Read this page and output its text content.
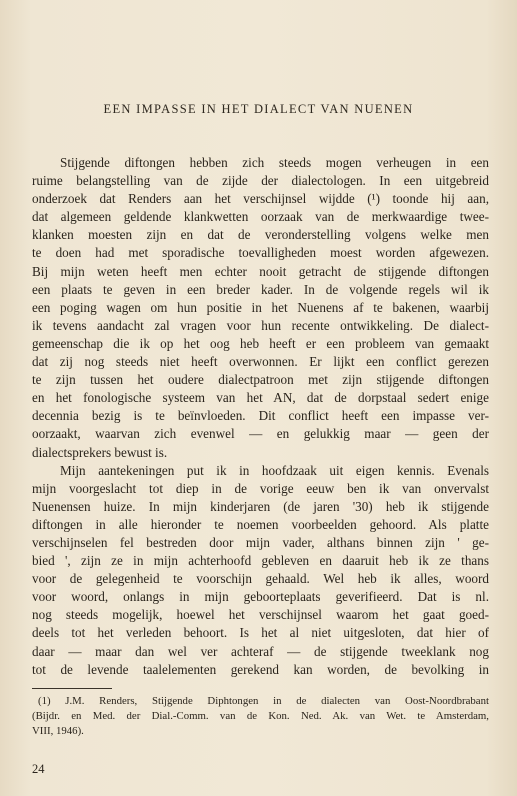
EEN IMPASSE IN HET DIALECT VAN NUENEN
Stijgende diftongen hebben zich steeds mogen verheugen in een
ruime belangstelling van de zijde der dialectologen. In een uitgebreid
onderzoek dat Renders aan het verschijnsel wijdde (¹) toonde hij aan,
dat algemeen geldende klankwetten oorzaak van de merkwaardige twee-
klanken moesten zijn en dat de veronderstelling volgens welke men
te doen had met sporadische toevalligheden moest worden afgewezen.
Bij mijn weten heeft men echter nooit getracht de stijgende diftongen
een plaats te geven in een breder kader. In de volgende regels wil ik
een poging wagen om hun positie in het Nuenens af te bakenen, waarbij
ik tevens aandacht zal vragen voor hun recente ontwikkeling. De dialect-
gemeenschap die ik op het oog heb heeft er een probleem van gemaakt
dat zij nog steeds niet heeft overwonnen. Er lijkt een conflict gerezen
te zijn tussen het oudere dialectpatroon met zijn stijgende diftongen
en het fonologische systeem van het AN, dat de dorpstaal sedert enige
decennia bezig is te beïnvloeden. Dit conflict heeft een impasse ver-
oorzaakt, waarvan zich evenwel — en gelukkig maar — geen der
dialectsprekers bewust is.
Mijn aantekeningen put ik in hoofdzaak uit eigen kennis. Evenals
mijn voorgeslacht tot diep in de vorige eeuw ben ik van onvervalst
Nuenensen huize. In mijn kinderjaren (de jaren '30) heb ik stijgende
diftongen in alle hieronder te noemen voorbeelden gehoord. Als platte
verschijnselen fel bestreden door mijn vader, althans binnen zijn ' ge-
bied ', zijn ze in mijn achterhoofd gebleven en daaruit heb ik ze thans
voor de gelegenheid te voorschijn gehaald. Wel heb ik alles, woord
voor woord, onlangs in mijn geboorteplaats geverifieerd. Dat is nl.
nog steeds mogelijk, hoewel het verschijnsel waarom het gaat goed-
deels tot het verleden behoort. Is het al niet uitgesloten, dat hier of
daar — maar dan wel ver achteraf — de stijgende tweeklank nog
tot de levende taalelementen gerekend kan worden, de bevolking in
(1) J.M. Renders, Stijgende Diphtongen in de dialecten van Oost-Noordbrabant
(Bijdr. en Med. der Dial.-Comm. van de Kon. Ned. Ak. van Wet. te Amsterdam,
VIII, 1946).
24
